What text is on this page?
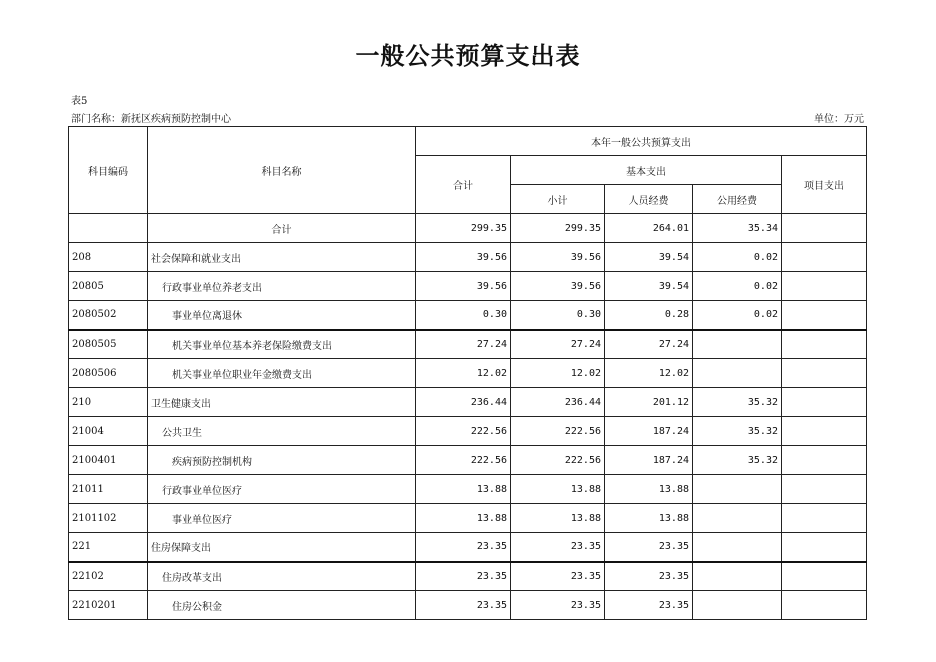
一般公共预算支出表
表5
部门名称：新抚区疾病预防控制中心	单位：万元
科目编码	科目名称	本年一般公共预算支出				
		合计	基本支出			项目支出
			小计	人员经费	公用经费	
	合计	299.35	299.35	264.01	35.34	
208	社会保障和就业支出	39.56	39.56	39.54	0.02	
20805	行政事业单位养老支出	39.56	39.56	39.54	0.02	
2080502	事业单位离退休	0.30	0.30	0.28	0.02	
2080505	机关事业单位基本养老保险缴费支出	27.24	27.24	27.24		
2080506	机关事业单位职业年金缴费支出	12.02	12.02	12.02		
210	卫生健康支出	236.44	236.44	201.12	35.32	
21004	公共卫生	222.56	222.56	187.24	35.32	
2100401	疾病预防控制机构	222.56	222.56	187.24	35.32	
21011	行政事业单位医疗	13.88	13.88	13.88		
2101102	事业单位医疗	13.88	13.88	13.88		
221	住房保障支出	23.35	23.35	23.35		
22102	住房改革支出	23.35	23.35	23.35		
2210201	住房公积金	23.35	23.35	23.35		
